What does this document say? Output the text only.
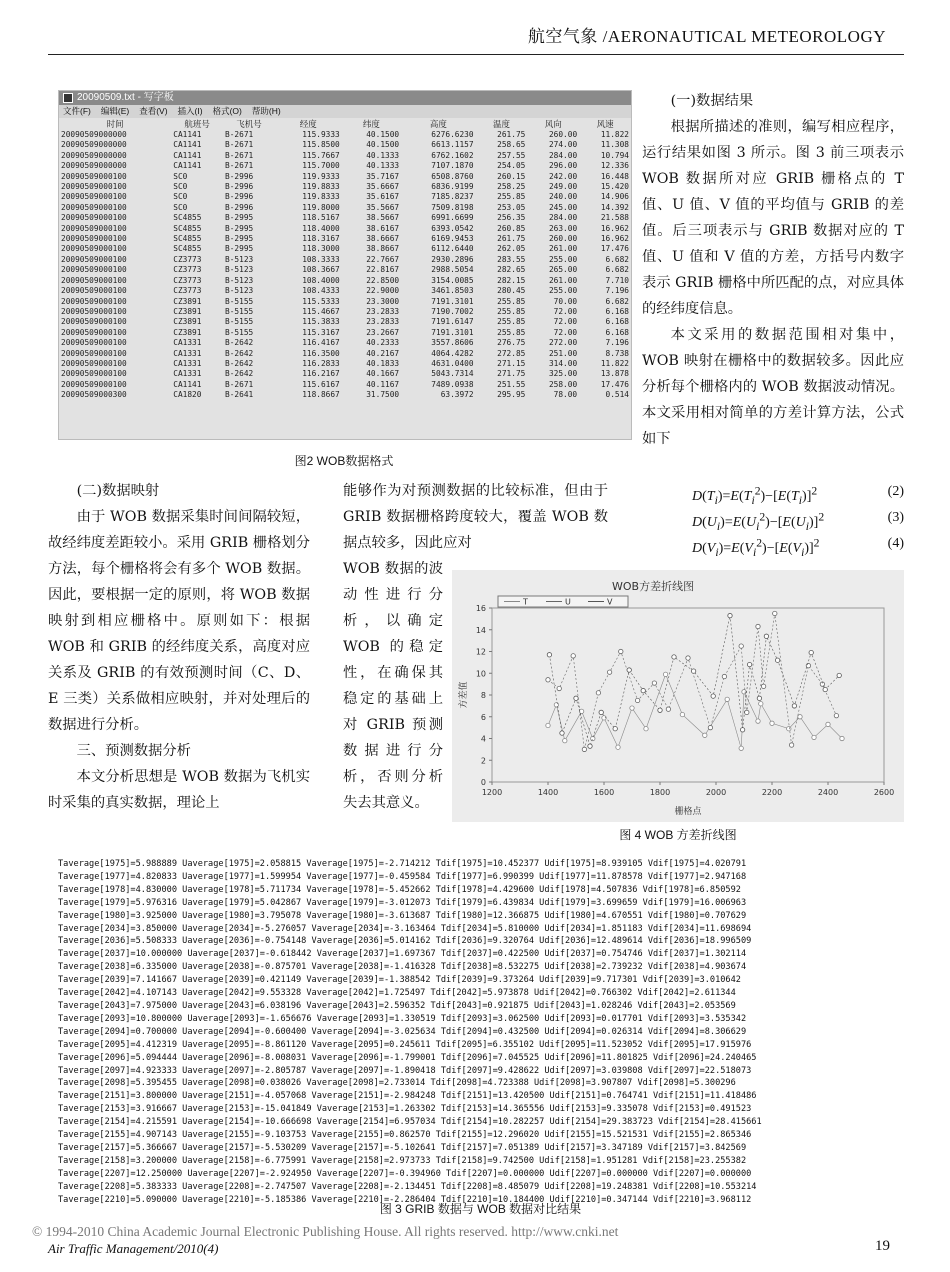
航空气象 /AERONAUTICAL METEOROLOGY
20090509.txt - 写字板
文件(F) 编辑(E) 查看(V) 插入(I) 格式(O) 帮助(H)
时间	航班号	飞机号	经度	纬度	高度	温度	风向	风速
20090509000000	CA1141	B-2671	115.9333	40.1500	6276.6230	261.75	260.00	11.822
20090509000000	CA1141	B-2671	115.8500	40.1500	6613.1157	258.65	274.00	11.308
20090509000000	CA1141	B-2671	115.7667	40.1333	6762.1602	257.55	284.00	10.794
20090509000000	CA1141	B-2671	115.7000	40.1333	7107.1870	254.05	296.00	12.336
20090509000100	SC0	B-2996	119.9333	35.7167	6508.8760	260.15	242.00	16.448
20090509000100	SC0	B-2996	119.8833	35.6667	6836.9199	258.25	249.00	15.420
20090509000100	SC0	B-2996	119.8333	35.6167	7185.8237	255.85	240.00	14.906
20090509000100	SC0	B-2996	119.8000	35.5667	7509.8198	253.05	245.00	14.392
20090509000100	SC4855	B-2995	118.5167	38.5667	6991.6699	256.35	284.00	21.588
20090509000100	SC4855	B-2995	118.4000	38.6167	6393.0542	260.85	263.00	16.962
20090509000100	SC4855	B-2995	118.3167	38.6667	6169.9453	261.75	260.00	16.962
20090509000100	SC4855	B-2995	118.3000	38.8667	6112.6440	262.05	261.00	17.476
20090509000100	CZ3773	B-5123	108.3333	22.7667	2930.2896	283.55	255.00	6.682
20090509000100	CZ3773	B-5123	108.3667	22.8167	2988.5054	282.65	265.00	6.682
20090509000100	CZ3773	B-5123	108.4000	22.8500	3154.0085	282.15	261.00	7.710
20090509000100	CZ3773	B-5123	108.4333	22.9000	3461.8503	280.45	255.00	7.196
20090509000100	CZ3891	B-5155	115.5333	23.3000	7191.3101	255.85	70.00	6.682
20090509000100	CZ3891	B-5155	115.4667	23.2833	7190.7002	255.85	72.00	6.168
20090509000100	CZ3891	B-5155	115.3833	23.2833	7191.6147	255.85	72.00	6.168
20090509000100	CZ3891	B-5155	115.3167	23.2667	7191.3101	255.85	72.00	6.168
20090509000100	CA1331	B-2642	116.4167	40.2333	3557.8606	276.75	272.00	7.196
20090509000100	CA1331	B-2642	116.3500	40.2167	4064.4282	272.85	251.00	8.738
20090509000100	CA1331	B-2642	116.2833	40.1833	4631.0400	271.15	314.00	11.822
20090509000100	CA1331	B-2642	116.2167	40.1667	5043.7314	271.75	325.00	13.878
20090509000100	CA1141	B-2671	115.6167	40.1167	7489.0938	251.55	258.00	17.476
20090509000300	CA1820	B-2641	118.8667	31.7500	63.3972	295.95	78.00	0.514
图2 WOB数据格式
(一)数据结果
根据所描述的准则，编写相应程序，运行结果如图 3 所示。图 3 前三项表示 WOB 数据所对应 GRIB 栅格点的 T 值、U 值、V 值的平均值与 GRIB 的差值。后三项表示与 GRIB 数据对应的 T 值、U 值和 V 值的方差，方括号内数字表示 GRIB 栅格中所匹配的点，对应具体的经纬度信息。
本文采用的数据范围相对集中，WOB 映射在栅格中的数据较多。因此应分析每个栅格内的 WOB 数据波动情况。本文采用相对简单的方差计算方法，公式如下
$D(T_i)=E(T_i^2)-[E(T_i)]^2$	(2)
$D(U_i)=E(U_i^2)-[E(U_i)]^2$	(3)
$D(V_i)=E(V_i^2)-[E(V_i)]^2$	(4)
(二)数据映射
由于 WOB 数据采集时间间隔较短，故经纬度差距较小。采用 GRIB 栅格划分方法，每个栅格将会有多个 WOB 数据。因此，要根据一定的原则，将 WOB 数据映射到相应栅格中。原则如下：根据 WOB 和 GRIB 的经纬度关系，高度对应关系及 GRIB 的有效预测时间（C、D、E 三类）关系做相应映射，并对处理后的数据进行分析。
三、预测数据分析
本文分析思想是 WOB 数据为飞机实时采集的真实数据，理论上
能够作为对预测数据的比较标准，但由于 GRIB 数据栅格跨度较大，覆盖 WOB 数据点较多，因此应对
WOB 数据的波动性进行分析，以确定 WOB 的稳定性，在确保其稳定的基础上对 GRIB 预测数据进行分析，否则分析失去其意义。
WOB方差折线图
0
2
4
6
8
10
12
14
16
1200	1400	1600	1800	2000	2200	2400	2600
栅格点
方差值
T	U	V
图 4 WOB 方差折线图
Taverage[1975]=5.988889 Uaverage[1975]=2.058815 Vaverage[1975]=-2.714212 Tdif[1975]=10.452377 Udif[1975]=8.939105 Vdif[1975]=4.020791
Taverage[1977]=4.820833 Uaverage[1977]=1.599954 Vaverage[1977]=-0.459584 Tdif[1977]=6.990399 Udif[1977]=11.878578 Vdif[1977]=2.947168
Taverage[1978]=4.830000 Uaverage[1978]=5.711734 Vaverage[1978]=-5.452662 Tdif[1978]=4.429600 Udif[1978]=4.507836 Vdif[1978]=6.850592
Taverage[1979]=5.976316 Uaverage[1979]=5.042867 Vaverage[1979]=-3.012073 Tdif[1979]=6.439834 Udif[1979]=3.699659 Vdif[1979]=16.006963
Taverage[1980]=3.925000 Uaverage[1980]=3.795078 Vaverage[1980]=-3.613687 Tdif[1980]=12.366875 Udif[1980]=4.670551 Vdif[1980]=0.707629
Taverage[2034]=3.850000 Uaverage[2034]=-5.276057 Vaverage[2034]=-3.163464 Tdif[2034]=5.810000 Udif[2034]=1.851183 Vdif[2034]=11.698694
Taverage[2036]=5.508333 Uaverage[2036]=-0.754148 Vaverage[2036]=5.014162 Tdif[2036]=9.320764 Udif[2036]=12.489614 Vdif[2036]=18.996509
Taverage[2037]=10.000000 Uaverage[2037]=-0.618442 Vaverage[2037]=1.697367 Tdif[2037]=0.422500 Udif[2037]=0.754746 Vdif[2037]=1.302114
Taverage[2038]=6.335000 Uaverage[2038]=-0.875701 Vaverage[2038]=-1.416328 Tdif[2038]=8.532275 Udif[2038]=2.739232 Vdif[2038]=4.903674
Taverage[2039]=7.141667 Uaverage[2039]=0.421149 Vaverage[2039]=-1.388542 Tdif[2039]=9.373264 Udif[2039]=9.717301 Vdif[2039]=3.010642
Taverage[2042]=4.107143 Uaverage[2042]=9.553328 Vaverage[2042]=1.725497 Tdif[2042]=5.973878 Udif[2042]=0.766302 Vdif[2042]=2.611344
Taverage[2043]=7.975000 Uaverage[2043]=6.038196 Vaverage[2043]=2.596352 Tdif[2043]=0.921875 Udif[2043]=1.028246 Vdif[2043]=2.053569
Taverage[2093]=10.800000 Uaverage[2093]=-1.656676 Vaverage[2093]=1.330519 Tdif[2093]=3.062500 Udif[2093]=0.017701 Vdif[2093]=3.535342
Taverage[2094]=0.700000 Uaverage[2094]=-0.600400 Vaverage[2094]=-3.025634 Tdif[2094]=0.432500 Udif[2094]=0.026314 Vdif[2094]=8.306629
Taverage[2095]=4.412319 Uaverage[2095]=-8.861120 Vaverage[2095]=0.245611 Tdif[2095]=6.355102 Udif[2095]=11.523052 Vdif[2095]=17.915976
Taverage[2096]=5.094444 Uaverage[2096]=-8.008031 Vaverage[2096]=-1.799001 Tdif[2096]=7.045525 Udif[2096]=11.801825 Vdif[2096]=24.240465
Taverage[2097]=4.923333 Uaverage[2097]=-2.805787 Vaverage[2097]=-1.890418 Tdif[2097]=9.428622 Udif[2097]=3.039808 Vdif[2097]=22.518073
Taverage[2098]=5.395455 Uaverage[2098]=0.038026 Vaverage[2098]=2.733014 Tdif[2098]=4.723388 Udif[2098]=3.907807 Vdif[2098]=5.300296
Taverage[2151]=3.800000 Uaverage[2151]=-4.057068 Vaverage[2151]=-2.984248 Tdif[2151]=13.420500 Udif[2151]=0.764741 Vdif[2151]=11.418486
Taverage[2153]=3.916667 Uaverage[2153]=-15.041849 Vaverage[2153]=1.263302 Tdif[2153]=14.365556 Udif[2153]=9.335078 Vdif[2153]=0.491523
Taverage[2154]=4.215591 Uaverage[2154]=-10.666698 Vaverage[2154]=6.957034 Tdif[2154]=10.282257 Udif[2154]=29.383723 Vdif[2154]=28.415661
Taverage[2155]=4.907143 Uaverage[2155]=-9.103753 Vaverage[2155]=0.862570 Tdif[2155]=12.296020 Udif[2155]=15.521531 Vdif[2155]=2.865346
Taverage[2157]=5.366667 Uaverage[2157]=-5.530209 Vaverage[2157]=-5.102641 Tdif[2157]=7.051389 Udif[2157]=3.347189 Vdif[2157]=3.842569
Taverage[2158]=3.200000 Uaverage[2158]=-6.775991 Vaverage[2158]=2.973733 Tdif[2158]=9.742500 Udif[2158]=1.951281 Vdif[2158]=23.255382
Taverage[2207]=12.250000 Uaverage[2207]=-2.924950 Vaverage[2207]=-0.394960 Tdif[2207]=0.000000 Udif[2207]=0.000000 Vdif[2207]=0.000000
Taverage[2208]=5.383333 Uaverage[2208]=-2.747507 Vaverage[2208]=-2.134451 Tdif[2208]=8.485079 Udif[2208]=19.248381 Vdif[2208]=10.553214
Taverage[2210]=5.090000 Uaverage[2210]=-5.185386 Vaverage[2210]=-2.286404 Tdif[2210]=10.184400 Udif[2210]=0.347144 Vdif[2210]=3.968112
图 3 GRIB 数据与 WOB 数据对比结果
© 1994-2010 China Academic Journal Electronic Publishing House. All rights reserved. http://www.cnki.net
Air Traffic Management/2010(4)	19
